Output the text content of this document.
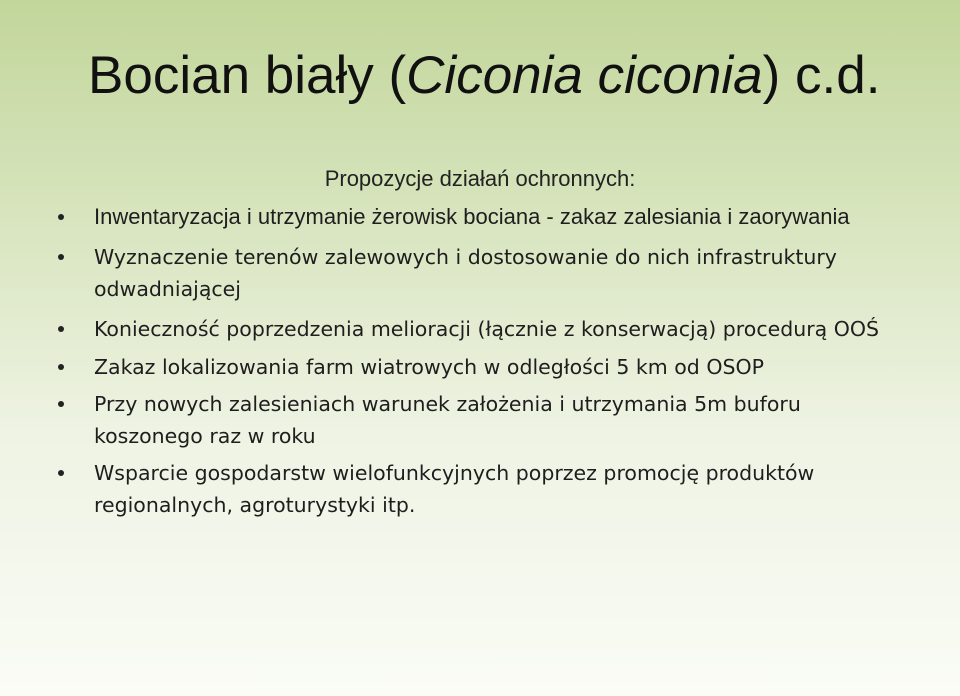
Bocian biały (Ciconia ciconia) c.d.
Propozycje działań ochronnych:
Inwentaryzacja i utrzymanie żerowisk bociana - zakaz zalesiania i zaorywania
Wyznaczenie terenów zalewowych i dostosowanie do nich infrastruktury odwadniającej
Konieczność poprzedzenia melioracji (łącznie z konserwacją) procedurą OOŚ
Zakaz lokalizowania farm wiatrowych w odległości 5 km od OSOP
Przy nowych zalesieniach warunek założenia i utrzymania 5m buforu koszonego raz w roku
Wsparcie gospodarstw wielofunkcyjnych poprzez promocję produktów regionalnych, agroturystyki itp.
